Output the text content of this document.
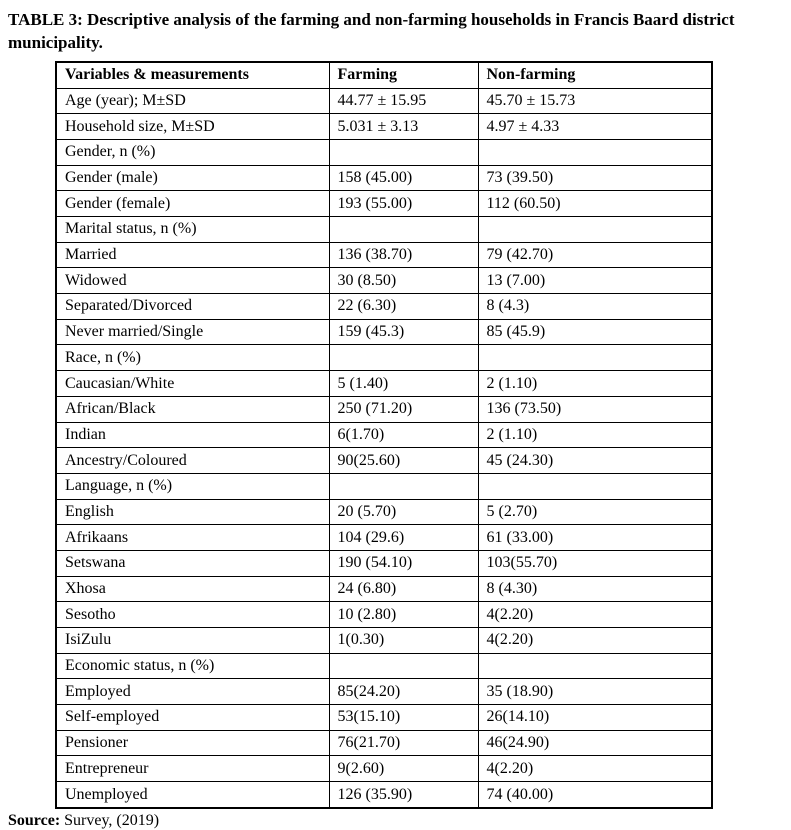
TABLE 3: Descriptive analysis of the farming and non-farming households in Francis Baard district municipality.
Variables & measurements	Farming	Non-farming
Age (year); M±SD	44.77 ± 15.95	45.70 ± 15.73
Household size, M±SD	5.031 ± 3.13	4.97 ± 4.33
Gender, n (%)		
Gender (male)	158 (45.00)	73 (39.50)
Gender (female)	193 (55.00)	112 (60.50)
Marital status, n (%)		
Married	136 (38.70)	79 (42.70)
Widowed	30 (8.50)	13 (7.00)
Separated/Divorced	22 (6.30)	8 (4.3)
Never married/Single	159 (45.3)	85 (45.9)
Race, n (%)		
Caucasian/White	5 (1.40)	2 (1.10)
African/Black	250 (71.20)	136 (73.50)
Indian	6(1.70)	2 (1.10)
Ancestry/Coloured	90(25.60)	45 (24.30)
Language, n (%)		
English	20 (5.70)	5 (2.70)
Afrikaans	104 (29.6)	61 (33.00)
Setswana	190 (54.10)	103(55.70)
Xhosa	24 (6.80)	8 (4.30)
Sesotho	10 (2.80)	4(2.20)
IsiZulu	1(0.30)	4(2.20)
Economic status, n (%)		
Employed	85(24.20)	35 (18.90)
Self-employed	53(15.10)	26(14.10)
Pensioner	76(21.70)	46(24.90)
Entrepreneur	9(2.60)	4(2.20)
Unemployed	126 (35.90)	74 (40.00)
Source: Survey, (2019)
